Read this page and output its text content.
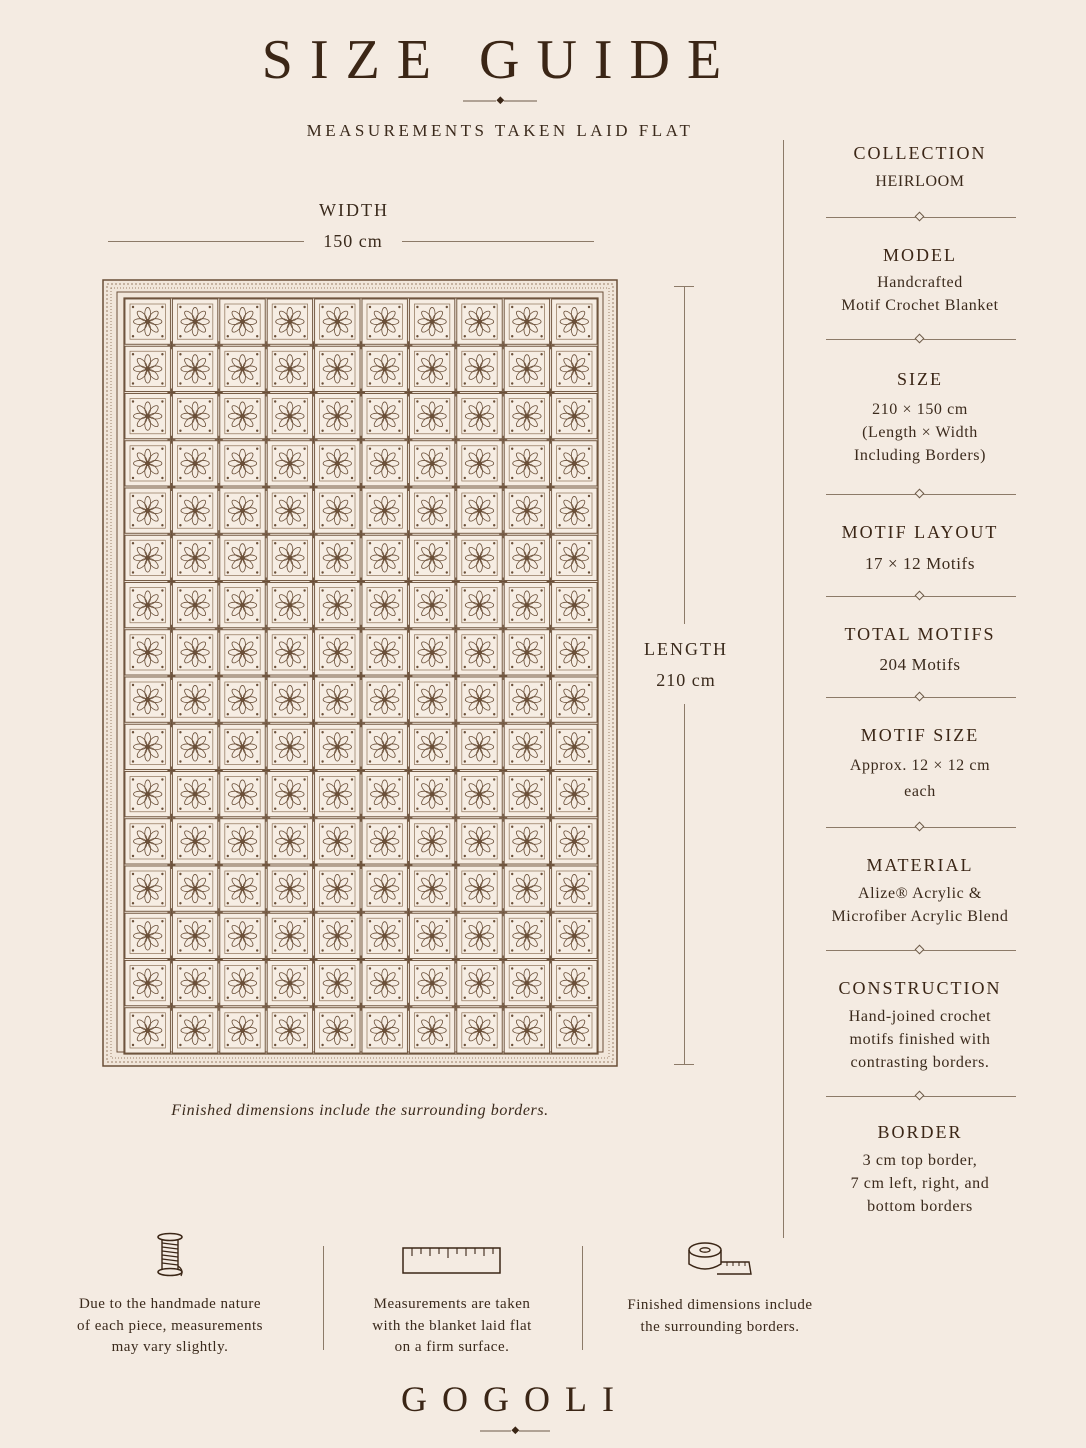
SIZE GUIDE
MEASUREMENTS TAKEN LAID FLAT
WIDTH
150 cm
LENGTH
210 cm
Finished dimensions include the surrounding borders.
COLLECTION
HEIRLOOM
MODEL
Handcrafted
Motif Crochet Blanket
SIZE
210 × 150 cm
(Length × Width
Including Borders)
MOTIF LAYOUT
17 × 12 Motifs
TOTAL MOTIFS
204 Motifs
MOTIF SIZE
Approx. 12 × 12 cm
each
MATERIAL
Alize® Acrylic &
Microfiber Acrylic Blend
CONSTRUCTION
Hand-joined crochet
motifs finished with
contrasting borders.
BORDER
3 cm top border,
7 cm left, right, and
bottom borders
Due to the handmade nature
of each piece, measurements
may vary slightly.
Measurements are taken
with the blanket laid flat
on a firm surface.
Finished dimensions include
the surrounding borders.
GOGOLI
